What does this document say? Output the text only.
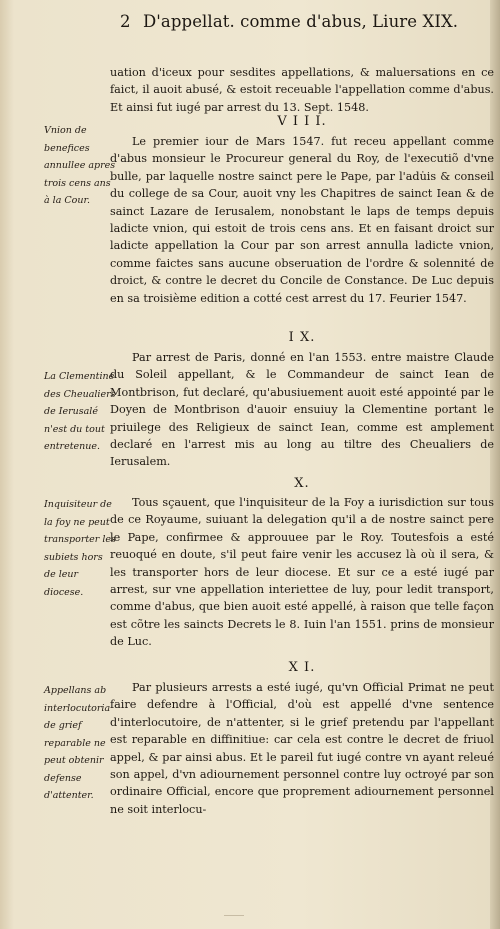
2 D'appellat. comme d'abus, Liure XIX.

uation d'iceux pour sesdites appellations, & maluersations en ce faict, il auoit abusé, & estoit receuable l'appellation comme d'abus. Et ainsi fut iugé par arrest du 13. Sept. 1548.

V I I I.

Le premier iour de Mars 1547. fut receu appellant comme d'abus monsieur le Procureur general du Roy, de l'executiõ d'vne bulle, par laquelle nostre sainct pere le Pape, par l'adu̇is & conseil du college de sa Cour, auoit vny les Chapitres de sainct Iean & de sainct Lazare de Ierusalem, nonobstant le laps de temps depuis ladicte vnion, qui estoit de trois cens ans. Et en faisant droict sur ladicte appellation la Cour par son arrest annulla ladicte vnion, comme faictes sans aucune obseruation de l'ordre & solennité de droict, & contre le decret du Concile de Constance. De Luc depuis en sa troisième edition a cotté cest arrest du 17. Feurier 1547.

I X.

Par arrest de Paris, donné en l'an 1553. entre maistre Claude du Soleil appellant, & le Commandeur de sainct Iean de Montbrison, fut declaré, qu'abusiuement auoit esté appointé par le Doyen de Montbrison d'auoir ensuiuy la Clementine portant le priuilege des Religieux de sainct Iean, comme est amplement declaré en l'arrest mis au long au tiltre des Cheualiers de Ierusalem.

X.

Tous sçauent, que l'inquisiteur de la Foy a iurisdiction sur tous de ce Royaume, suiuant la delegation qu'il a de nostre sainct pere le Pape, confirmee & approuuee par le Roy. Toutesfois a esté reuoqué en doute, s'il peut faire venir les accusez là où il sera, & les transporter hors de leur diocese. Et sur ce a esté iugé par arrest, sur vne appellation interiettee de luy, pour ledit transport, comme d'abus, que bien auoit esté appellé, à raison que telle façon est cõtre les saincts Decrets le 8. Iuin l'an 1551. prins de monsieur de Luc.

X I.

Par plusieurs arrests a esté iugé, qu'vn Official Primat ne peut faire defendre à l'Official, d'où est appellé d'vne sentence d'interlocutoire, de n'attenter, si le grief pretendu par l'appellant est reparable en diffinitiue: car cela est contre le decret de friuol appel, & par ainsi abus. Et le pareil fut iugé contre vn ayant releué son appel, d'vn adiournement personnel contre luy octroyé par son ordinaire Official, encore que proprement adiournement personnel ne soit interlocu-

Vnion de benefices annullee apres trois cens ans à la Cour.
La Clementine des Cheualiers de Ierusalé n'est du tout entretenue.
Inquisiteur de la foy ne peut transporter les subiets hors de leur diocese.
Appellans ab interlocutoria de grief reparable ne peut obtenir defense d'attenter.
